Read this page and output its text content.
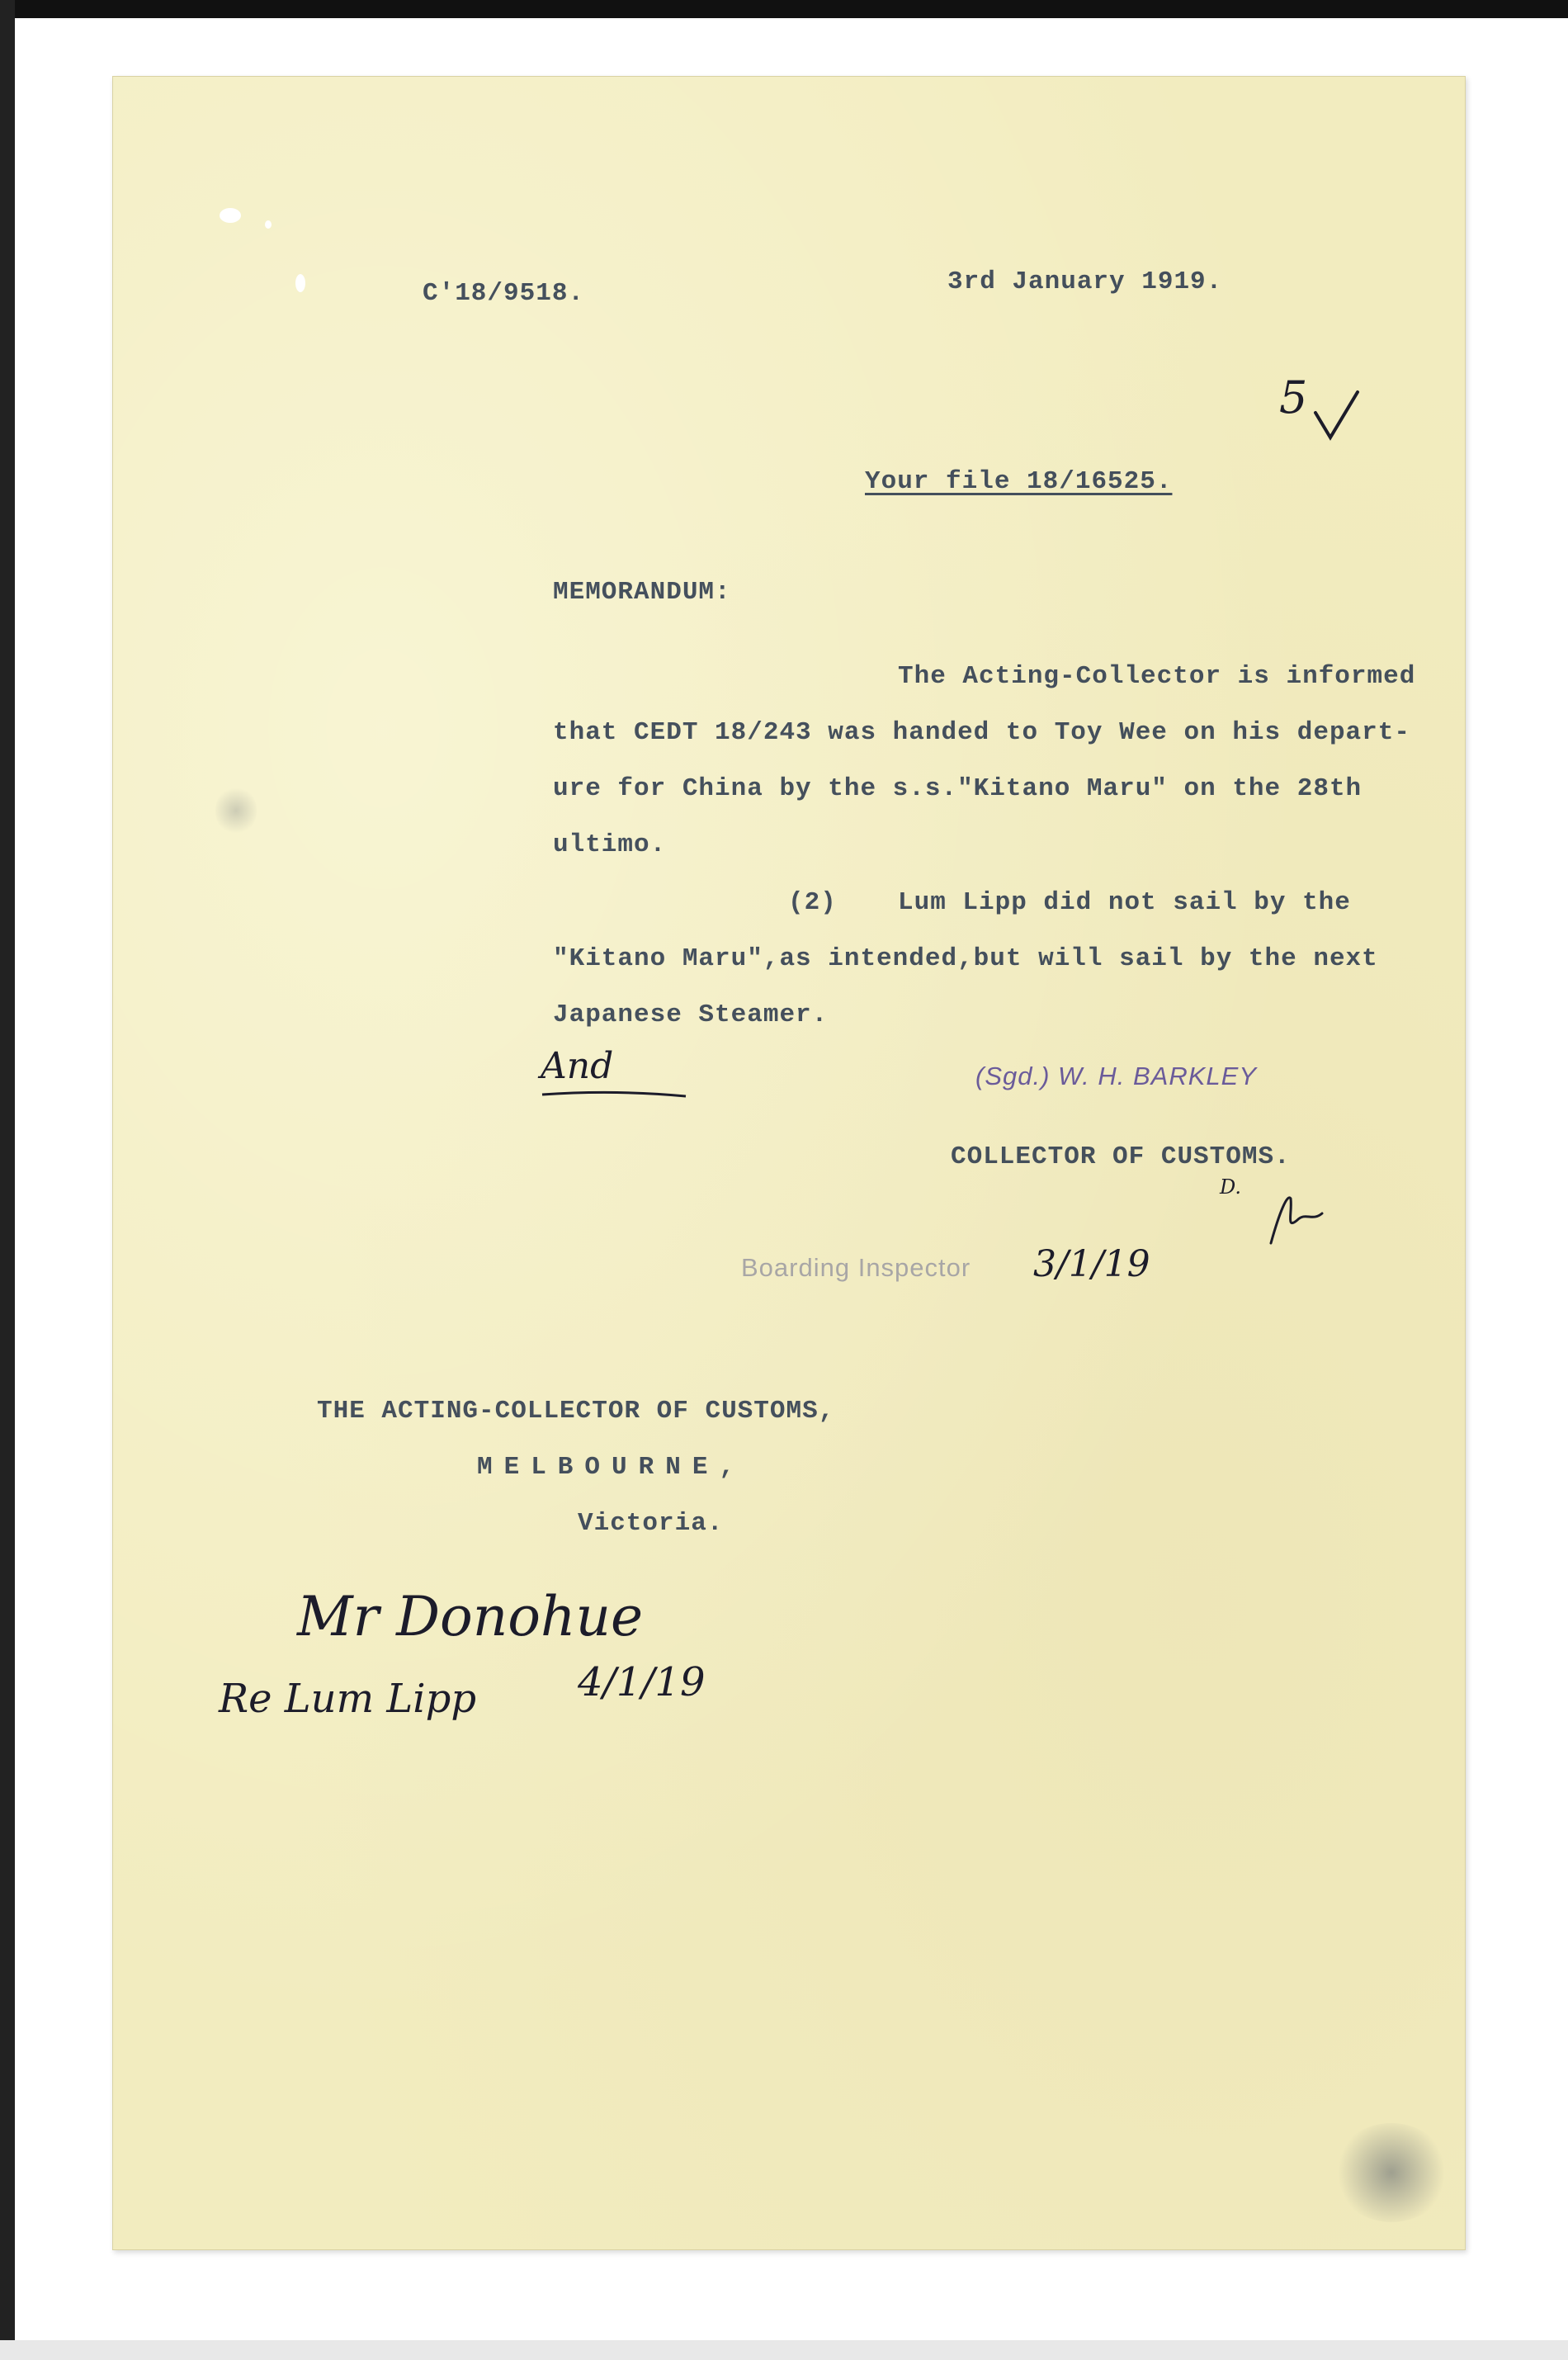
C'18/9518.	3rd January 1919.
5
Your file 18/16525.
MEMORANDUM:
The Acting-Collector is informed
that CEDT 18/243 was handed to Toy Wee on his depart-
ure for China by the s.s."Kitano Maru" on the 28th
ultimo.
(2) Lum Lipp did not sail by the
"Kitano Maru",as intended,but will sail by the next
Japanese Steamer.
And	(Sgd.) W. H. BARKLEY
COLLECTOR OF CUSTOMS.
D.
Boarding Inspector 3/1/19
THE ACTING-COLLECTOR OF CUSTOMS,
MELBOURNE,
Victoria.
Mr Donohue
Re Lum Lipp	4/1/19
